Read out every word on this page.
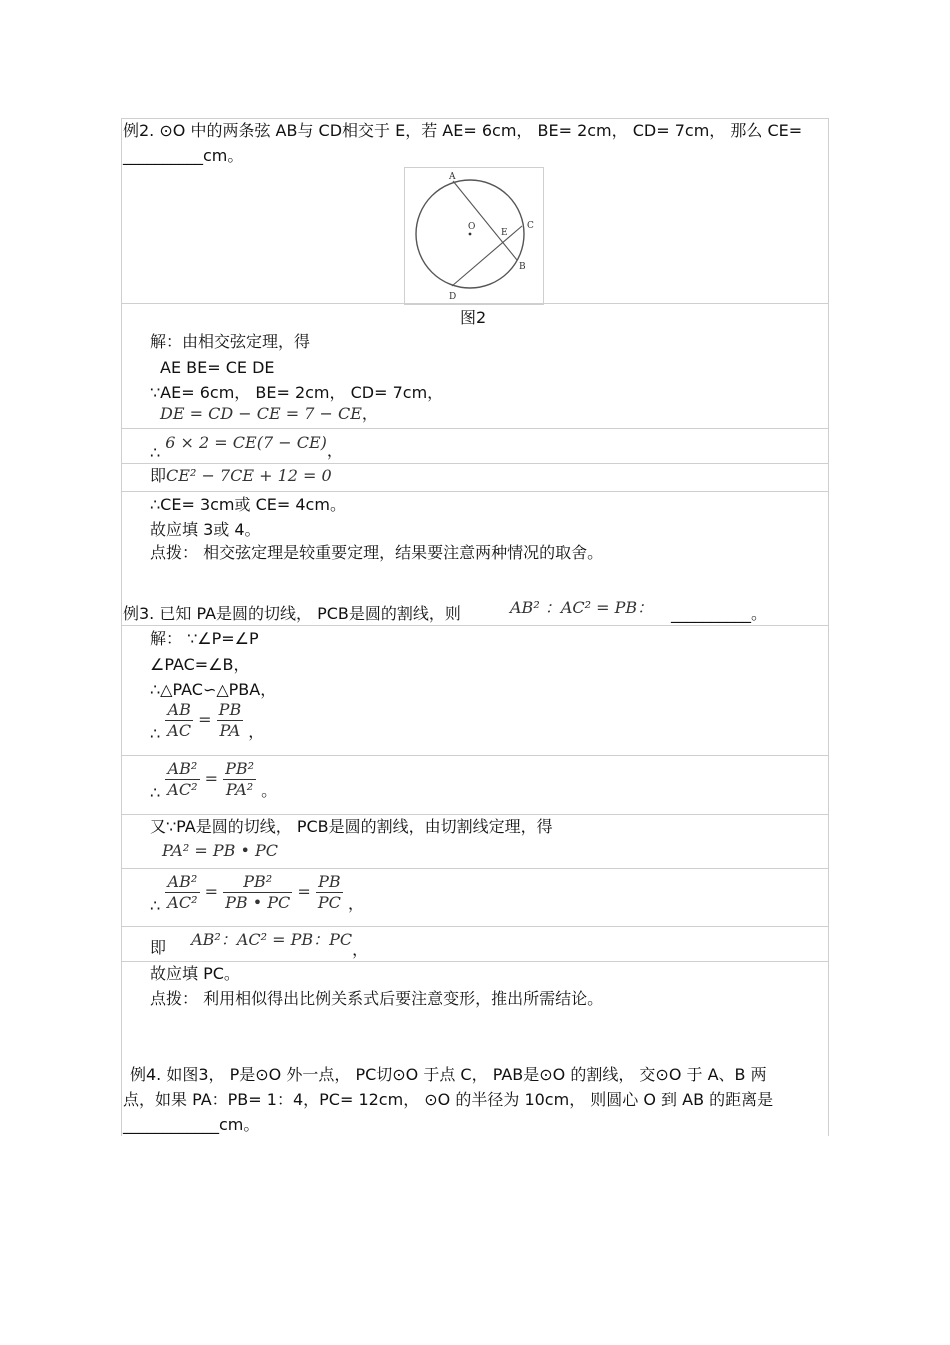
例2. ⊙O 中的两条弦 AB与 CD相交于 E，若 AE= 6cm， BE= 2cm， CD= 7cm， 那么 CE=
__________cm。
A
O
E
C
B
D
图2
解：由相交弦定理，得
AE BE= CE DE
∵AE= 6cm， BE= 2cm， CD= 7cm，
DE = CD − CE = 7 − CE，
∴ 6 × 2 = CE(7 − CE)，
即CE² − 7CE + 12 = 0
∴CE= 3cm或 CE= 4cm。
故应填 3或 4。
点拨： 相交弦定理是较重要定理，结果要注意两种情况的取舍。
例3. 已知 PA是圆的切线， PCB是圆的割线，则	AB² ：AC² = PB： __________。
解： ∵∠P=∠P
∠PAC=∠B，
∴△PAC∽△PBA，
∴ $\frac{AB}{AC} = \frac{PB}{PA}$ ，
∴ $\frac{\text{AB²}}{\text{AC²}} = \frac{\text{PB²}}{\text{PA²}}$ 。
又∵PA是圆的切线， PCB是圆的割线，由切割线定理，得
PA² = PB • PC
∴ $\frac{\text{AB²}}{\text{AC²}} = \frac{\text{PB²}}{PB • PC} = \frac{PB}{PC}$ ，
即 AB²：AC² = PB：PC，
故应填 PC。
点拨： 利用相似得出比例关系式后要注意变形，推出所需结论。
例4. 如图3， P是⊙O 外一点， PC切⊙O 于点 C， PAB是⊙O 的割线， 交⊙O 于 A、B 两
点，如果 PA：PB= 1：4，PC= 12cm， ⊙O 的半径为 10cm， 则圆心 O 到 AB 的距离是
____________cm。
